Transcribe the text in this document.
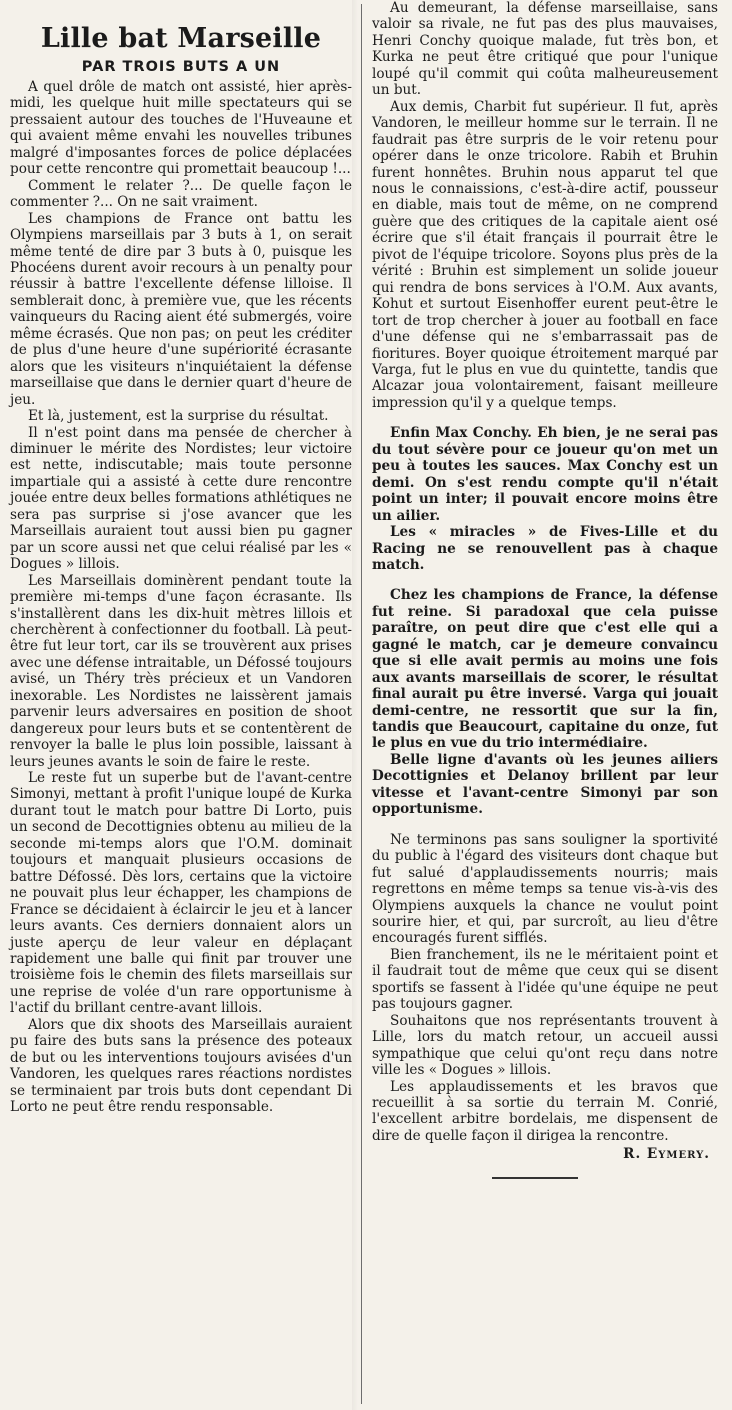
Lille bat Marseille
PAR TROIS BUTS A UN

A quel drôle de match ont assisté, hier après-midi, les quelque huit mille spectateurs qui se pressaient autour des touches de l'Huveaune et qui avaient même envahi les nouvelles tribunes malgré d'imposantes forces de police déplacées pour cette rencontre qui promettait beaucoup !...

Comment le relater ?... De quelle façon le commenter ?... On ne sait vraiment.

Les champions de France ont battu les Olympiens marseillais par 3 buts à 1, on serait même tenté de dire par 3 buts à 0, puisque les Phocéens durent avoir recours à un penalty pour réussir à battre l'excellente défense lilloise. Il semblerait donc, à première vue, que les récents vainqueurs du Racing aient été submergés, voire même écrasés. Que non pas; on peut les créditer de plus d'une heure d'une supériorité écrasante alors que les visiteurs n'inquiétaient la défense marseillaise que dans le dernier quart d'heure de jeu.

Et là, justement, est la surprise du résultat.

Il n'est point dans ma pensée de chercher à diminuer le mérite des Nordistes; leur victoire est nette, indiscutable; mais toute personne impartiale qui a assisté à cette dure rencontre jouée entre deux belles formations athlétiques ne sera pas surprise si j'ose avancer que les Marseillais auraient tout aussi bien pu gagner par un score aussi net que celui réalisé par les « Dogues » lillois.

Les Marseillais dominèrent pendant toute la première mi-temps d'une façon écrasante. Ils s'installèrent dans les dix-huit mètres lillois et cherchèrent à confectionner du football. Là peut-être fut leur tort, car ils se trouvèrent aux prises avec une défense intraitable, un Défossé toujours avisé, un Théry très précieux et un Vandoren inexorable. Les Nordistes ne laissèrent jamais parvenir leurs adversaires en position de shoot dangereux pour leurs buts et se contentèrent de renvoyer la balle le plus loin possible, laissant à leurs jeunes avants le soin de faire le reste.

Le reste fut un superbe but de l'avant-centre Simonyi, mettant à profit l'unique loupé de Kurka durant tout le match pour battre Di Lorto, puis un second de Decottignies obtenu au milieu de la seconde mi-temps alors que l'O.M. dominait toujours et manquait plusieurs occasions de battre Défossé. Dès lors, certains que la victoire ne pouvait plus leur échapper, les champions de France se décidaient à éclaircir le jeu et à lancer leurs avants. Ces derniers donnaient alors un juste aperçu de leur valeur en déplaçant rapidement une balle qui finit par trouver une troisième fois le chemin des filets marseillais sur une reprise de volée d'un rare opportunisme à l'actif du brillant centre-avant lillois.

Alors que dix shoots des Marseillais auraient pu faire des buts sans la présence des poteaux de but ou les interventions toujours avisées d'un Vandoren, les quelques rares réactions nordistes se terminaient par trois buts dont cependant Di Lorto ne peut être rendu responsable.

Au demeurant, la défense marseillaise, sans valoir sa rivale, ne fut pas des plus mauvaises, Henri Conchy quoique malade, fut très bon, et Kurka ne peut être critiqué que pour l'unique loupé qu'il commit qui coûta malheureusement un but.

Aux demis, Charbit fut supérieur. Il fut, après Vandoren, le meilleur homme sur le terrain. Il ne faudrait pas être surpris de le voir retenu pour opérer dans le onze tricolore. Rabih et Bruhin furent honnêtes. Bruhin nous apparut tel que nous le connaissions, c'est-à-dire actif, pousseur en diable, mais tout de même, on ne comprend guère que des critiques de la capitale aient osé écrire que s'il était français il pourrait être le pivot de l'équipe tricolore. Soyons plus près de la vérité : Bruhin est simplement un solide joueur qui rendra de bons services à l'O.M. Aux avants, Kohut et surtout Eisenhoffer eurent peut-être le tort de trop chercher à jouer au football en face d'une défense qui ne s'embarrassait pas de fioritures. Boyer quoique étroitement marqué par Varga, fut le plus en vue du quintette, tandis que Alcazar joua volontairement, faisant meilleure impression qu'il y a quelque temps.

Enfin Max Conchy. Eh bien, je ne serai pas du tout sévère pour ce joueur qu'on met un peu à toutes les sauces. Max Conchy est un demi. On s'est rendu compte qu'il n'était point un inter; il pouvait encore moins être un ailier.

Les « miracles » de Fives-Lille et du Racing ne se renouvellent pas à chaque match.

Chez les champions de France, la défense fut reine. Si paradoxal que cela puisse paraître, on peut dire que c'est elle qui a gagné le match, car je demeure convaincu que si elle avait permis au moins une fois aux avants marseillais de scorer, le résultat final aurait pu être inversé. Varga qui jouait demi-centre, ne ressortit que sur la fin, tandis que Beaucourt, capitaine du onze, fut le plus en vue du trio intermédiaire.

Belle ligne d'avants où les jeunes ailiers Decottignies et Delanoy brillent par leur vitesse et l'avant-centre Simonyi par son opportunisme.

Ne terminons pas sans souligner la sportivité du public à l'égard des visiteurs dont chaque but fut salué d'applaudissements nourris; mais regrettons en même temps sa tenue vis-à-vis des Olympiens auxquels la chance ne voulut point sourire hier, et qui, par surcroît, au lieu d'être encouragés furent sifflés.

Bien franchement, ils ne le méritaient point et il faudrait tout de même que ceux qui se disent sportifs se fassent à l'idée qu'une équipe ne peut pas toujours gagner.

Souhaitons que nos représentants trouvent à Lille, lors du match retour, un accueil aussi sympathique que celui qu'ont reçu dans notre ville les « Dogues » lillois.

Les applaudissements et les bravos que recueillit à sa sortie du terrain M. Conrié, l'excellent arbitre bordelais, me dispensent de dire de quelle façon il dirigea la rencontre.

R. Eymery.
